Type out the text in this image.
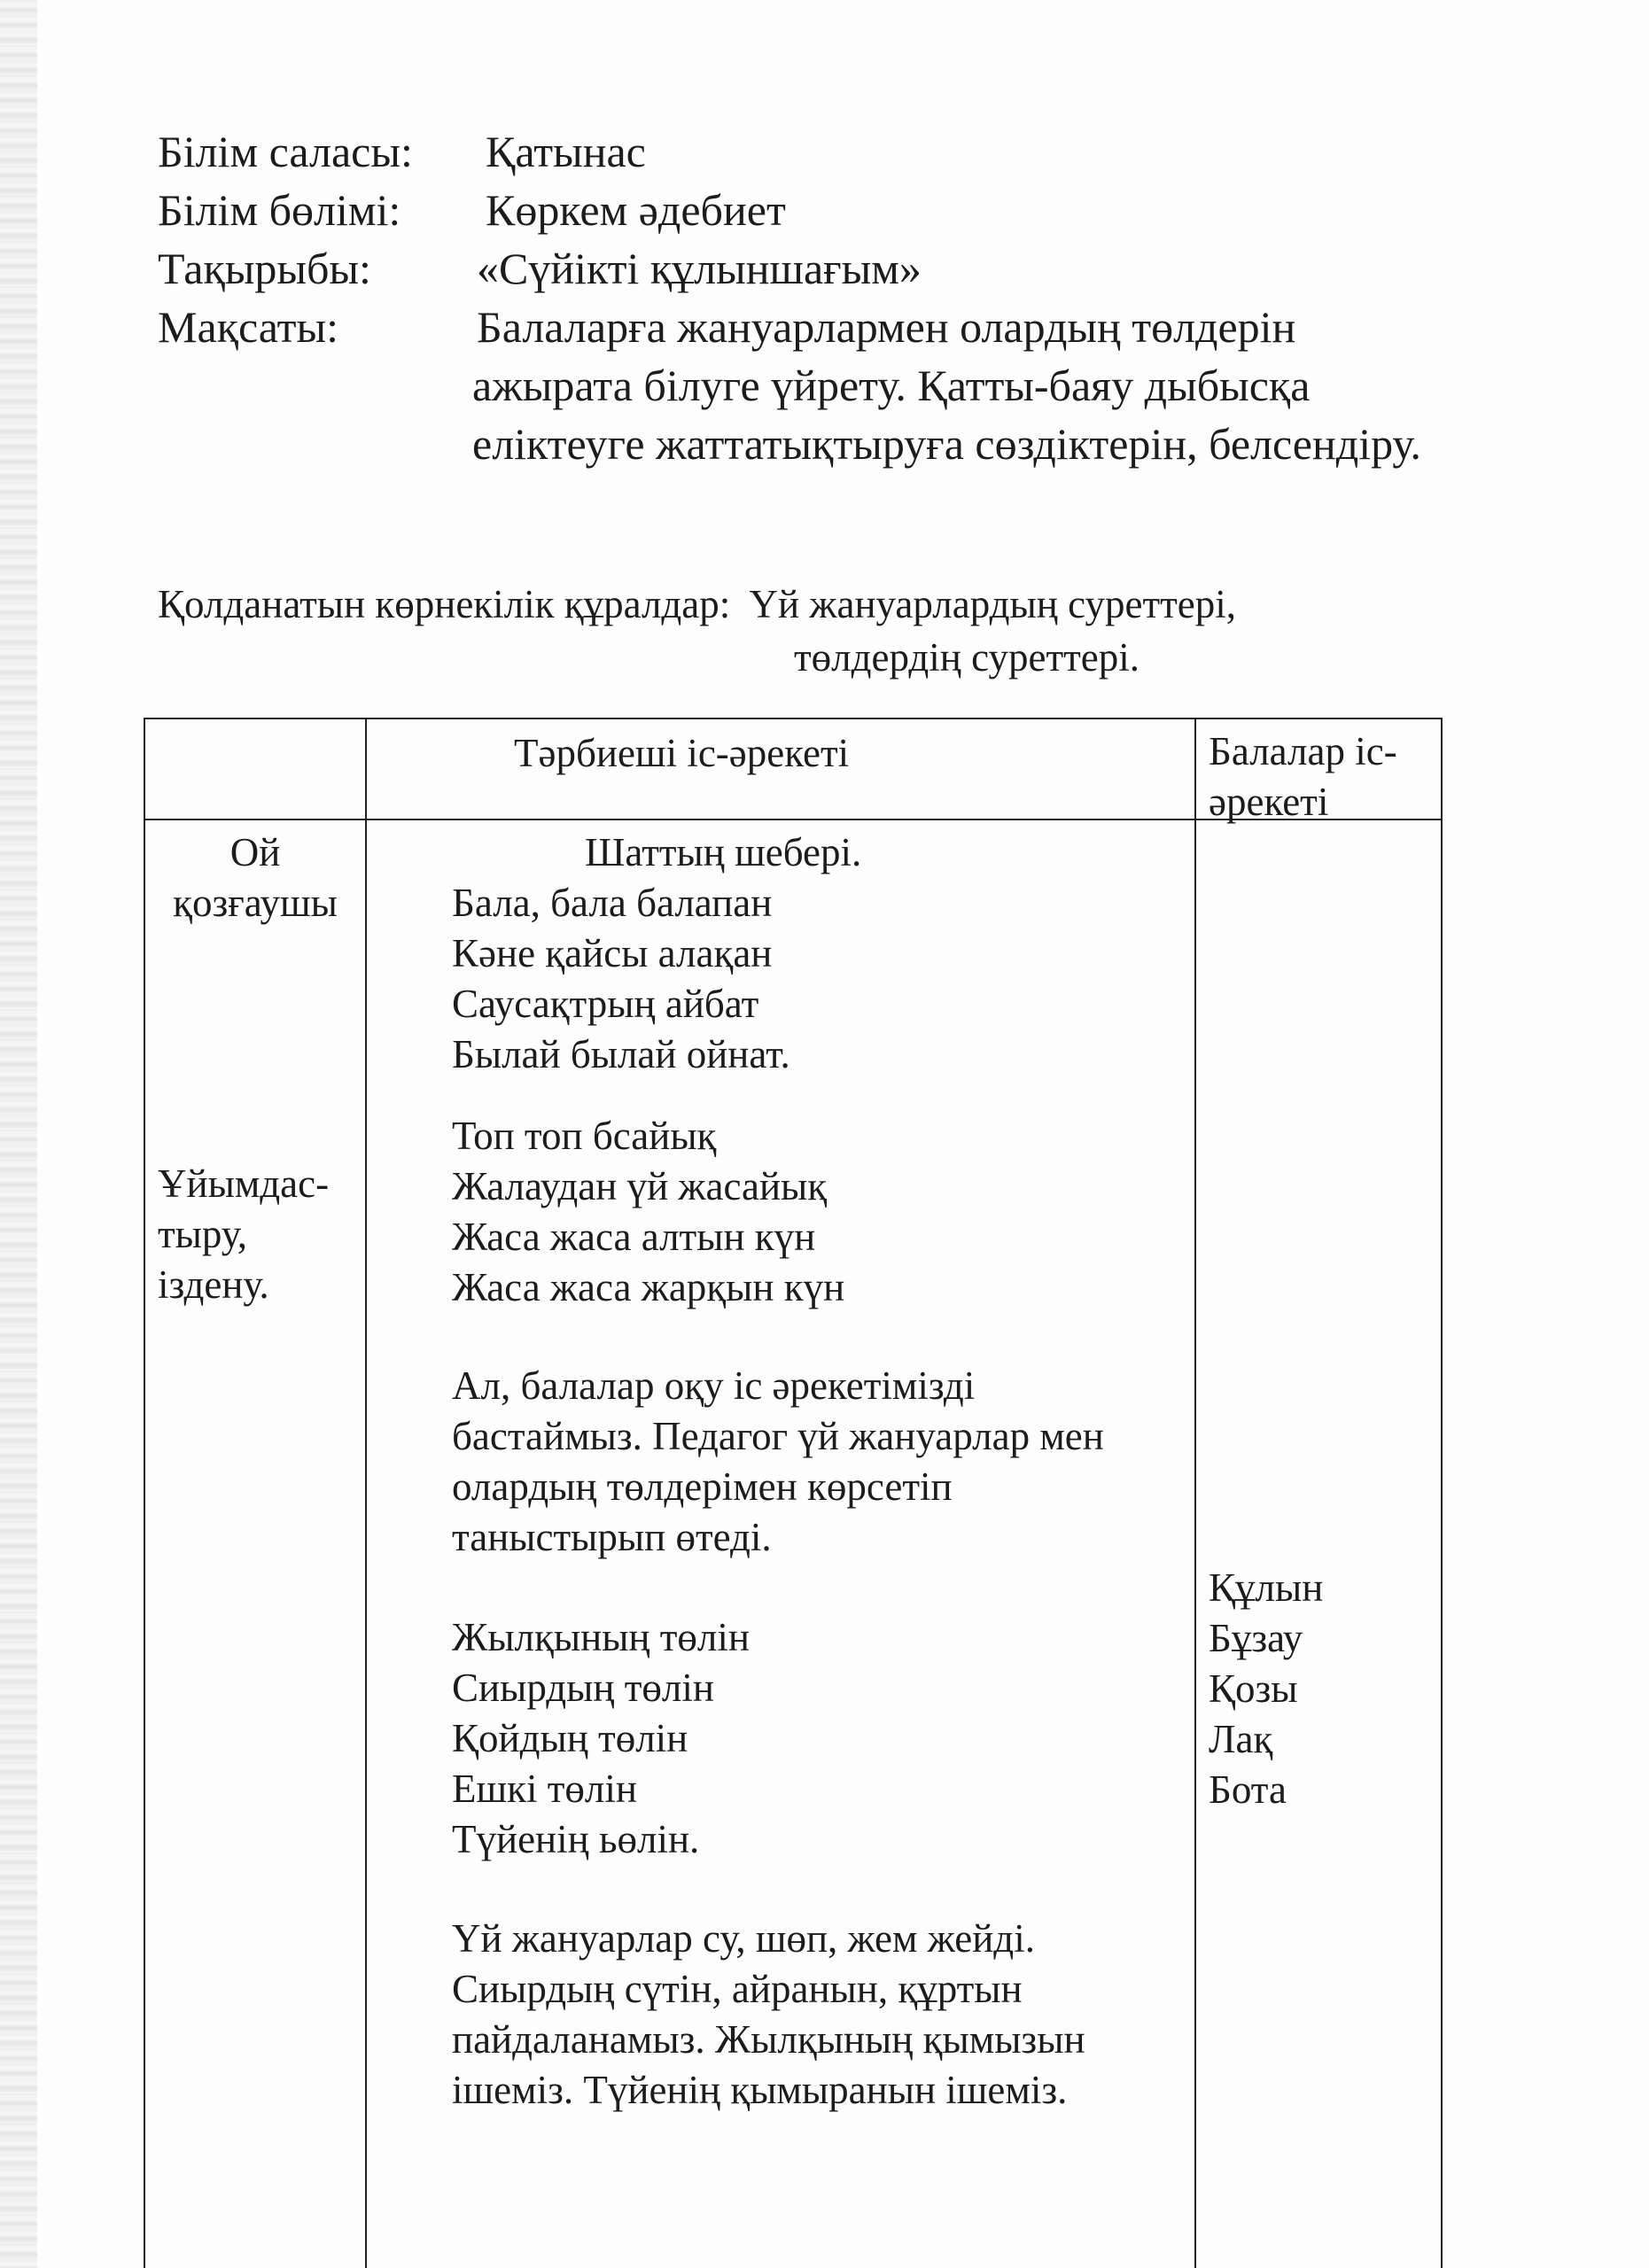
Білім саласы: Қатынас
Білім бөлімі: Көркем әдебиет
Тақырыбы: «Сүйікті құлыншағым»
Мақсаты:	Балаларға жануарлармен олардың төлдерін
ажырата білуге үйрету. Қатты-баяу дыбысқа
еліктеуге жаттатықтыруға сөздіктерін, белсендіру.
Қолданатын көрнекілік құралдар: Үй жануарлардың суреттері,
төлдердің суреттері.
Тәрбиеші іс-әрекеті	Балалар іс-
әрекеті
Ой
қозғаушы
Ұйымдас-
тыру,
іздену.
Шаттың шебері.
Бала, бала балапан
Кәне қайсы алақан
Саусақтрың айбат
Былай былай ойнат.
Топ топ бсайық
Жалаудан үй жасайық
Жаса жаса алтын күн
Жаса жаса жарқын күн
Ал, балалар оқу іс әрекетімізді
бастаймыз. Педагог үй жануарлар мен
олардың төлдерімен көрсетіп
таныстырып өтеді.
Жылқының төлін
Сиырдың төлін
Қойдың төлін
Ешкі төлін
Түйенің ьөлін.
Үй жануарлар су, шөп, жем жейді.
Сиырдың сүтін, айранын, құртын
пайдаланамыз. Жылқының қымызын
ішеміз. Түйенің қымыранын ішеміз.
Құлын
Бұзау
Қозы
Лақ
Бота
